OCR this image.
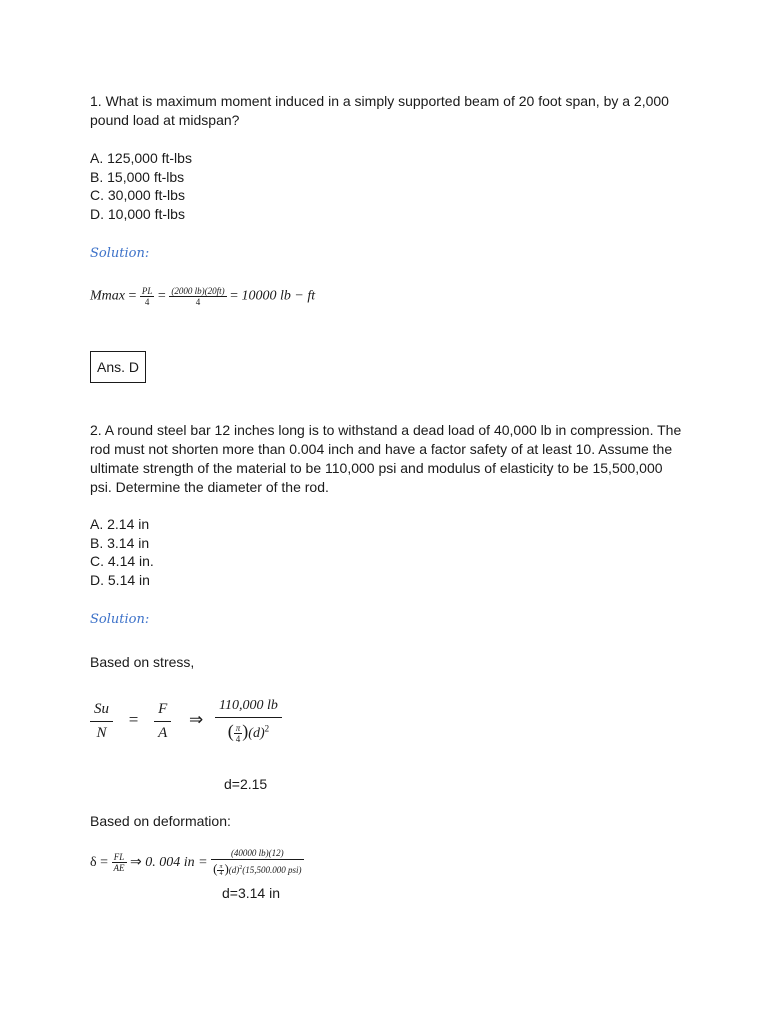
1. What is maximum moment induced in a simply supported beam of 20 foot span, by a 2,000
pound load at midspan?
A. 125,000 ft-lbs
B. 15,000 ft-lbs
C. 30,000 ft-lbs
D. 10,000 ft-lbs
Solution:
$Mmax = \frac{PL}{4} = \frac{(2000 lb)(20ft)}{4} = 10000$ lb − ft
Ans. D
2. A round steel bar 12 inches long is to withstand a dead load of 40,000 lb in compression. The
rod must not shorten more than 0.004 inch and have a factor safety of at least 10. Assume the
ultimate strength of the material to be 110,000 psi and modulus of elasticity to be 15,500,000
psi. Determine the diameter of the rod.
A. 2.14 in
B. 3.14 in
C. 4.14 in.
D. 5.14 in
Solution:
Based on stress,
$\frac{Su}{N} = \frac{F}{A}$ ⇒ $\frac{110,000 lb}{( \frac{\pi}{4} )(d)^2}$
d=2.15
Based on deformation:
$\delta = \frac{FL}{AE}$ ⇒ 0. 004 in = $\frac{(40000 lb)(12)}{( \frac{\pi}{4} )(d)^2(15,500.000 psi)}$
d=3.14 in
